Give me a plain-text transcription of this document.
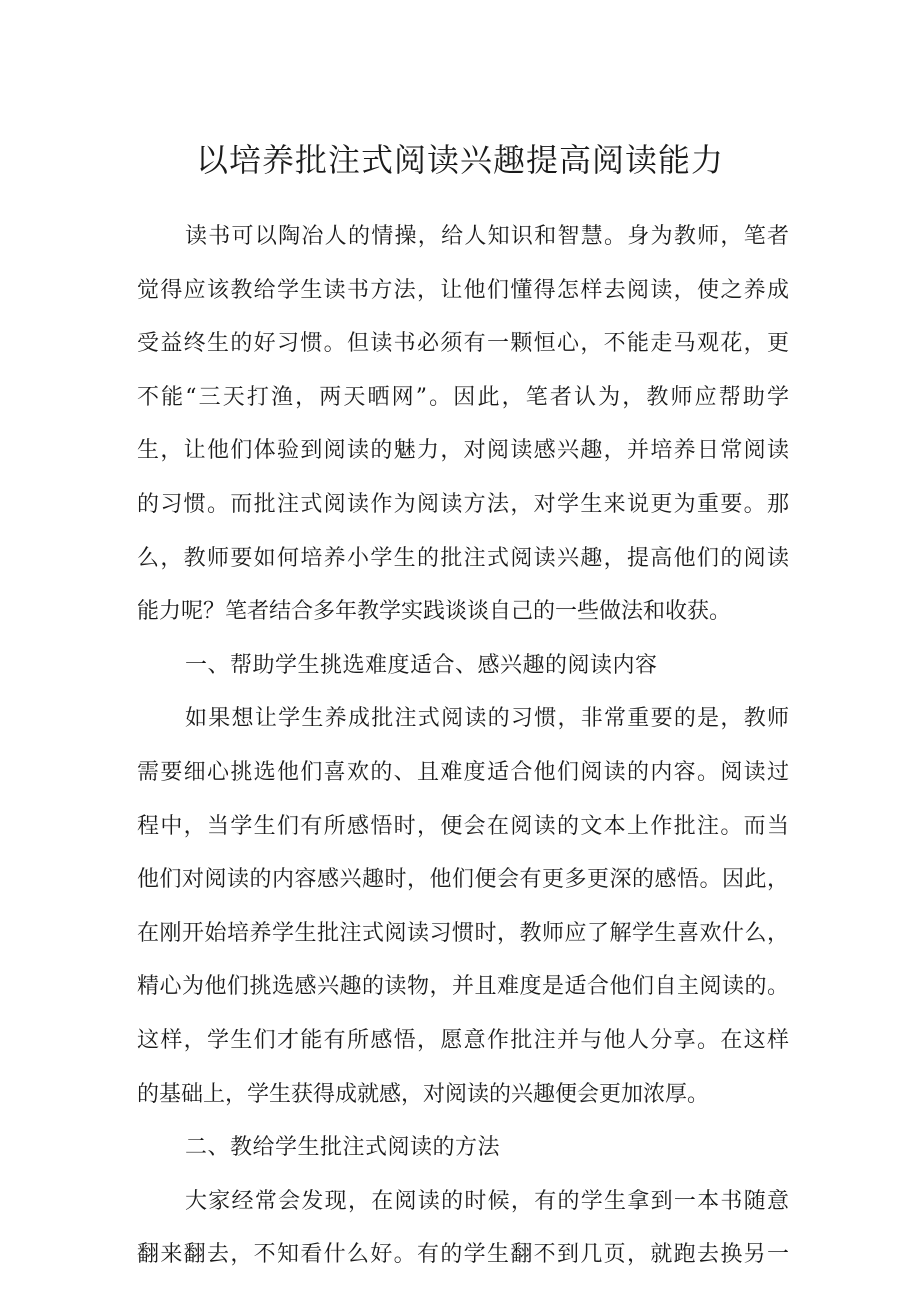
以培养批注式阅读兴趣提高阅读能力
读书可以陶冶人的情操，给人知识和智慧。身为教师，笔者
觉得应该教给学生读书方法，让他们懂得怎样去阅读，使之养成
受益终生的好习惯。但读书必须有一颗恒心，不能走马观花，更
不能“三天打渔，两天晒网”。因此，笔者认为，教师应帮助学
生，让他们体验到阅读的魅力，对阅读感兴趣，并培养日常阅读
的习惯。而批注式阅读作为阅读方法，对学生来说更为重要。那
么，教师要如何培养小学生的批注式阅读兴趣，提高他们的阅读
能力呢？笔者结合多年教学实践谈谈自己的一些做法和收获。
一、帮助学生挑选难度适合、感兴趣的阅读内容
如果想让学生养成批注式阅读的习惯，非常重要的是，教师
需要细心挑选他们喜欢的、且难度适合他们阅读的内容。阅读过
程中，当学生们有所感悟时，便会在阅读的文本上作批注。而当
他们对阅读的内容感兴趣时，他们便会有更多更深的感悟。因此，
在刚开始培养学生批注式阅读习惯时，教师应了解学生喜欢什么，
精心为他们挑选感兴趣的读物，并且难度是适合他们自主阅读的。
这样，学生们才能有所感悟，愿意作批注并与他人分享。在这样
的基础上，学生获得成就感，对阅读的兴趣便会更加浓厚。
二、教给学生批注式阅读的方法
大家经常会发现，在阅读的时候，有的学生拿到一本书随意
翻来翻去，不知看什么好。有的学生翻不到几页，就跑去换另一
